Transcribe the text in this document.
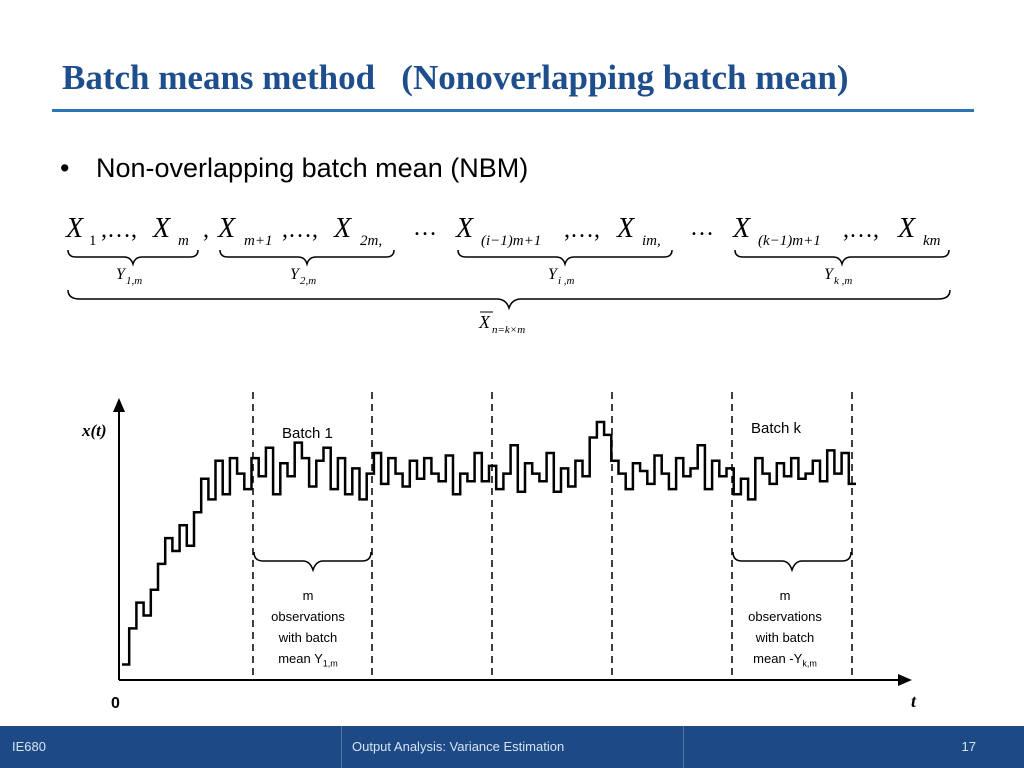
Batch means method   (Nonoverlapping batch mean)
• Non-overlapping batch mean (NBM)
X 1 ,…, X m ,
Y 1,m
X m+1 ,…, X 2m,
Y 2,m
… X (i−1)m+1 ,…, X im,
Y i ,m
… X (k−1)m+1 ,…, X km
Y k ,m
X n=k×m
x(t)
t
0
Batch 1	Batch k
m
observations
with batch
mean $Y_{1,m}$
m
observations
with batch
mean $-Y_{k,m}$
IE680	Output Analysis: Variance Estimation	17
